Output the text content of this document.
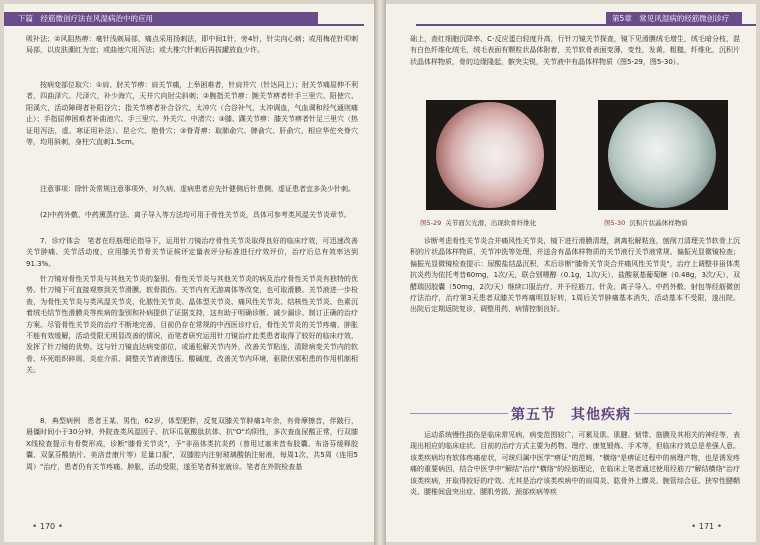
下篇　经筋微创疗法在风湿病治中的应用

吸补法；②风阻热痹：毫针浅刺局部，痛点采用扬刺法，即中间1针，旁4针，针尖向心刺；或用梅花针叩刺局部，以皮肤潮红为宜；或曲池穴用泻法；或大椎穴针刺后再拔罐放血少许。

按病变部位取穴：①肩、肘关节痹：肩关节痛，上举困难者，针肩井穴（针达同上）；肘关节痛屈伸不利者，四曲泽穴、尺泽穴，补少海穴，天井穴向肘尖斜刺；②腕指关节痹：腕关节痹者针手三里穴、阳使穴、阳溪穴，活动障碍者补阳谷穴；指关节痹者补合谷穴、太冲穴（合谷补气，太冲调血，气血调和经气通则痛止）；手指屈伸困难者补曲池穴、手三里穴、外关穴、中渚穴；③膝、踝关节痹：膝关节痹者针足三里穴（热证用泻法，虚、寒证用补法）、昆仑穴、绝骨穴；③脊背痹：取肺俞穴、脾俞穴、肝俞穴、相应华佗夹脊穴等，均用斜刺，身柱穴直刺1.5cm。

注意事项：除针灸常规注意事项外，对久病、虚病患者应先针健侧后针患侧，虚证患者宜多灸少针刺。

(2)中药外敷、中药熏蒸疗法、离子导入等方法均可用于骨性关节炎，具体可参考类风湿关节炎章节。

7．诊疗体会　笔者在经筋理论指导下，运用针刀镜治疗骨性关节炎取得良好的临床疗效，可迅速改善关节肿痛、关节活动度，应用膝关节骨关节证候评定量表评分标准进行疗效评价，治疗后总有效率达到91.3%。

针刀镜对骨性关节炎与其他关节炎的鉴别、骨性关节炎与其他关节炎的病及治疗骨性关节炎有独特的优势。针刀镜下可直接观察到关节滑膜、软骨损伤、关节内有无游离体等改变，也可取滑膜、关节液进一步检查，为骨性关节炎与类风湿关节炎、化脓性关节炎、晶体型关节炎、痛风性关节炎、结核性关节炎、色素沉着绒毛结节性滑膜炎等疾病的鉴别和补病提供了证据支持，这有助于明确诊断、减少漏诊、制订正确的治疗方案。尽管骨性关节炎的治疗不断地完善，目前仍存在常规的中西医诊疗后，骨性关节炎的关节疼痛、肿胀不能有效缓解，活动受限无明显改善的情况，而笔者研究运用针刀镜治疗此类患者取得了较好的临床疗效，发挥了针刀镜的优势。这与针刀镜直达病变部位，或通松解关节内外，改善关节粘连，清除病变关节内的软骨、坏死组织碎屑、炎症介质、调整关节液渗透压、酸碱度，改善关节内环境，驱除伏邪积患的作用机制相关。

8．典型病例　患者王某，男性，62岁，体型肥胖，反复双膝关节肿痛1年余，有骨摩擦音，伴跛行，晨僵时间小于30分钟，外院查类风湿因子、抗环瓜氨酸肽抗体、抗"O"均阴性，多次查血尿酸正常，行双膝X线检查提示有骨赘形成，诊断"膝骨关节炎"，予"非甾体类抗炎药（曾用过塞来昔布胶囊、布洛芬缓释胶囊、双氯芬酸钠片、美洛昔康片等）足量口服"，双膝腔内注射玻璃酸钠注射液，每周1次，共5周（连用5周）"治疗，患者仍有关节疼痛、肿胀，活动受限，遂至笔者科室就诊。笔者在外院检查基

• 170 •
第5章　常见风湿病的经筋微创诊疗

础上，查红细胞沉降率、C-反应蛋白轻度升高，行针刀镜关节探查，镜下见滑膜绒毛增生，绒毛暗分枝，混有白色纤维化绒毛，绒毛表面有颗粒状晶体附着，关节软骨表面变薄，变性，发黄，粗糙，纤维化，沉积片状晶体样物质，骨的边缘隆起，髌突尖锐，关节液中有晶体样物质（图5-29，图5-30）。

图5-29 关节面欠光滑，出现软骨纤维化	图5-30 沉积片状晶体样物质

诊断考虑骨性关节炎合并痛风性关节炎，镜下进行滑膜清理，剥离松解粘连，刨削刀清理关节软骨上沉积的片状晶体样物质，关节冲洗等处理，并送含有晶体样物质的关节液行关节液常规、偏振光显微镜检查；偏振光显微镜检查提示：尿酸盐结晶沉积，术后诊断"膝骨关节炎合并痛风性关节炎"，治疗上调整非甾体类抗炎药为依托考昔60mg，1次/天，联合别嘌醇（0.1g，1次/天），盐酸氨基葡萄糖（0.48g，3次/天），双醋瑞因胶囊（50mg，2次/天）继续口服治疗，并予经筋刀、针灸、离子导入、中药外敷、射包等经筋微创疗法治疗，治疗第3天患者双膝关节疼痛明显好转，1周后关节肿痛基本消失，活动基本不受限，遂出院。出院后定期返院复诊，调整用药，病情控制良好。

第五节　其他疾病

运动系统慢性损伤是临床常见病，病变范围较广，可累及肌、肌腱、韧带、筋膜及其相关的神经等，表现出相应的临床症状。目前的治疗方式主要为药物、理疗、康复锻炼、手术等，但临床疗效总是差强人意。该类疾病均有软体疼痛症状，可统归属中医学"痹证"的范畴，"横络"是痹证过程中的病理产物，也是诱发疼痛的重要病因，结合中医学中"解结"治疗"横络"的经筋理论，在临床上笔者通过使用经筋刀"解结横络"治疗该类疾病，并取得较好的疗效。尤其是治疗该类疾病中的肩周炎、肱骨外上髁炎、腕管综合征、狭窄性腱鞘炎、腰椎间盘突出症、腰肌劳损、颈部疾病等疾

• 171 •
